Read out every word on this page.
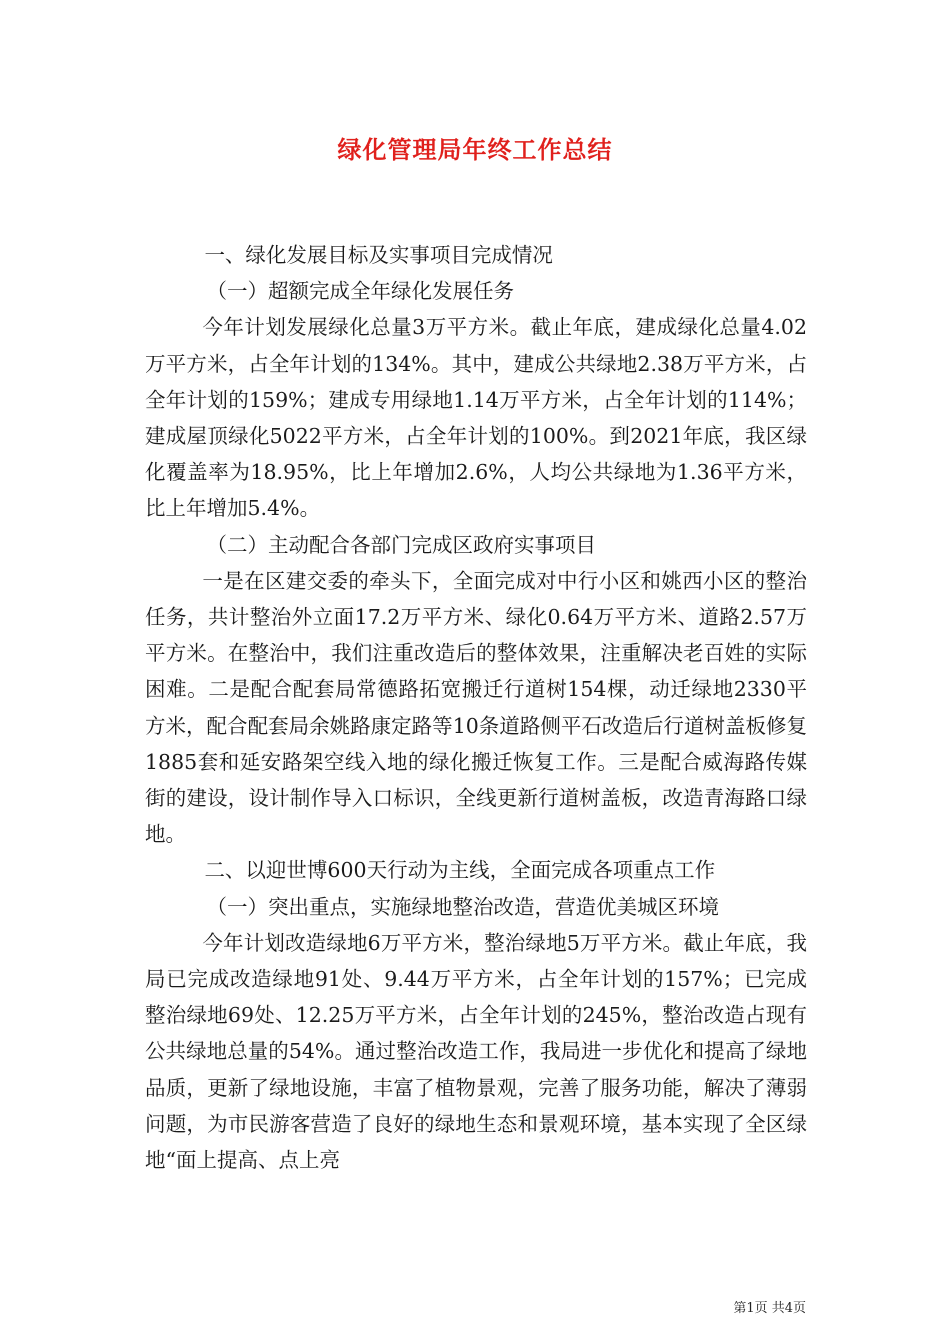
绿化管理局年终工作总结

一、绿化发展目标及实事项目完成情况

（一）超额完成全年绿化发展任务

今年计划发展绿化总量3万平方米。截止年底，建成绿化总量4.02万平方米，占全年计划的134%。其中，建成公共绿地2.38万平方米，占全年计划的159%；建成专用绿地1.14万平方米，占全年计划的114%；建成屋顶绿化5022平方米，占全年计划的100%。到2021年底，我区绿化覆盖率为18.95%，比上年增加2.6%，人均公共绿地为1.36平方米，比上年增加5.4%。

（二）主动配合各部门完成区政府实事项目

一是在区建交委的牵头下，全面完成对中行小区和姚西小区的整治任务，共计整治外立面17.2万平方米、绿化0.64万平方米、道路2.57万平方米。在整治中，我们注重改造后的整体效果，注重解决老百姓的实际困难。二是配合配套局常德路拓宽搬迁行道树154棵，动迁绿地2330平方米，配合配套局余姚路康定路等10条道路侧平石改造后行道树盖板修复1885套和延安路架空线入地的绿化搬迁恢复工作。三是配合威海路传媒街的建设，设计制作导入口标识，全线更新行道树盖板，改造青海路口绿地。

二、以迎世博600天行动为主线，全面完成各项重点工作

（一）突出重点，实施绿地整治改造，营造优美城区环境

今年计划改造绿地6万平方米，整治绿地5万平方米。截止年底，我局已完成改造绿地91处、9.44万平方米，占全年计划的157%；已完成整治绿地69处、12.25万平方米，占全年计划的245%，整治改造占现有公共绿地总量的54%。通过整治改造工作，我局进一步优化和提高了绿地品质，更新了绿地设施，丰富了植物景观，完善了服务功能，解决了薄弱问题，为市民游客营造了良好的绿地生态和景观环境，基本实现了全区绿地“面上提高、点上亮

第1页 共4页
